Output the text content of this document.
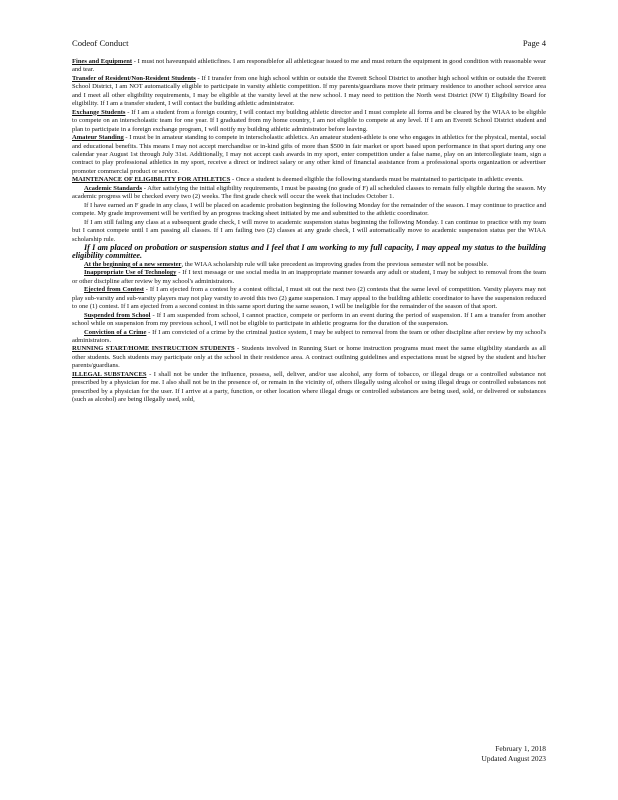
Codeof Conduct	Page 4

Fines and Equipment - I must not haveunpaid athleticfines. I am responsiblefor all athleticgear issued to me and must return the equipment in good condition with reasonable wear and tear.

Transfer of Resident/Non-Resident Students - If I transfer from one high school within or outside the Everett School District to another high school within or outside the Everett School District, I am NOT automatically eligible to participate in varsity athletic competition. If my parents/guardians move their primary residence to another school service area and I meet all other eligibility requirements, I may be eligible at the varsity level at the new school. I may need to petition the North west District (NW I) Eligibility Board for eligibility. If I am a transfer student, I will contact the building athletic administrator.

Exchange Students - If I am a student from a foreign country, I will contact my building athletic director and I must complete all forms and be cleared by the WIAA to be eligible to compete on an interscholastic team for one year. If I graduated from my home country, I am not eligible to compete at any level. If I am an Everett School District student and plan to participate in a foreign exchange program, I will notify my building athletic administrator before leaving.

Amateur Standing - I must be in amateur standing to compete in interscholastic athletics. An amateur student-athlete is one who engages in athletics for the physical, mental, social and educational benefits. This means I may not accept merchandise or in-kind gifts of more than $500 in fair market or sport based upon performance in that sport during any one calendar year August 1st through July 31st. Additionally, I may not accept cash awards in my sport, enter competition under a false name, play on an intercollegiate team, sign a contract to play professional athletics in my sport, receive a direct or indirect salary or any other kind of financial assistance from a professional sports organization or advertiser promoter commercial product or service.

MAINTENANCE OF ELIGIBILITY FOR ATHLETICS - Once a student is deemed eligible the following standards must be maintained to participate in athletic events.

Academic Standards - After satisfying the initial eligibility requirements, I must be passing (no grade of F) all scheduled classes to remain fully eligible during the season. My academic progress will be checked every two (2) weeks. The first grade check will occur the week that includes October 1.

If I have earned an F grade in any class, I will be placed on academic probation beginning the following Monday for the remainder of the season. I may continue to practice and compete. My grade improvement will be verified by an progress tracking sheet initiated by me and submitted to the athletic coordinator.

If I am still failing any class at a subsequent grade check, I will move to academic suspension status beginning the following Monday. I can continue to practice with my team but I cannot compete until I am passing all classes. If I am failing two (2) classes at any grade check, I will automatically move to academic suspension status per the WIAA scholarship rule.

If I am placed on probation or suspension status and I feel that I am working to my full capacity, I may appeal my status to the building eligibility committee.

At the beginning of a new semester, the WIAA scholarship rule will take precedent as improving grades from the previous semester will not be possible.

Inappropriate Use of Technology - If I text message or use social media in an inappropriate manner towards any adult or student, I may be subject to removal from the team or other discipline after review by my school's administrators.

Ejected from Contest - If I am ejected from a contest by a contest official, I must sit out the next two (2) contests that the same level of competition. Varsity players may not play sub-varsity and sub-varsity players may not play varsity to avoid this two (2) game suspension. I may appeal to the building athletic coordinator to have the suspension reduced to one (1) contest. If I am ejected from a second contest in this same sport during the same season, I will be ineligible for the remainder of the season of that sport.

Suspended from School - If I am suspended from school, I cannot practice, compete or perform in an event during the period of suspension. If I am a transfer from another school while on suspension from my previous school, I will not be eligible to participate in athletic programs for the duration of the suspension.

Conviction of a Crime - If I am convicted of a crime by the criminal justice system, I may be subject to removal from the team or other discipline after review by my school's administrators.

RUNNING START/HOME INSTRUCTION STUDENTS - Students involved in Running Start or home instruction programs must meet the same eligibility standards as all other students. Such students may participate only at the school in their residence area. A contract outlining guidelines and expectations must be signed by the student and his/her parents/guardians.

ILLEGAL SUBSTANCES - I shall not be under the influence, possess, sell, deliver, and/or use alcohol, any form of tobacco, or illegal drugs or a controlled substance not prescribed by a physician for me. I also shall not be in the presence of, or remain in the vicinity of, others illegally using alcohol or using illegal drugs or controlled substances not prescribed by a physician for the user. If I arrive at a party, function, or other location where illegal drugs or controlled substances are being used, sold, or delivered or substances (such as alcohol) are being illegally used, sold,

February 1, 2018
Updated August 2023
